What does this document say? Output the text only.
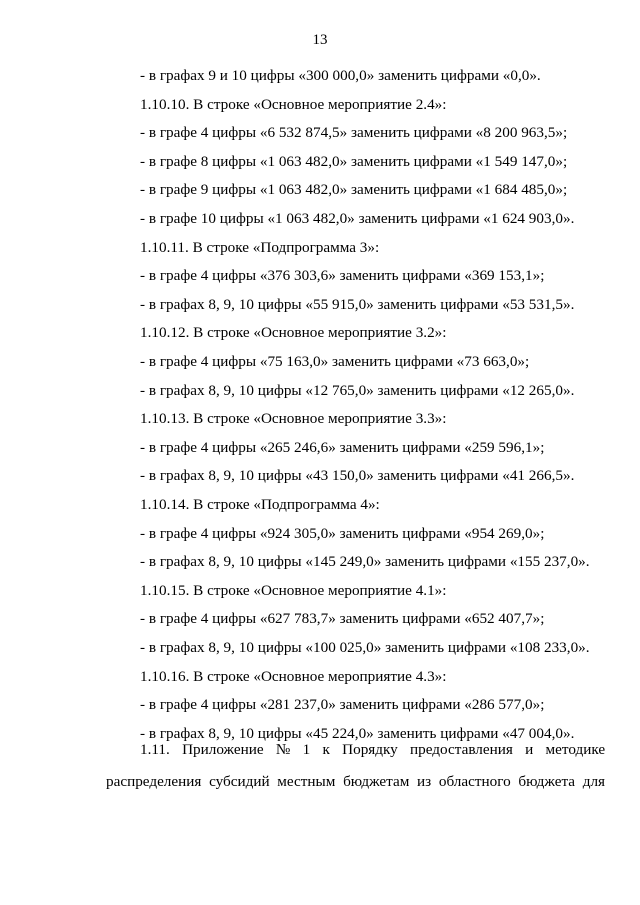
13
- в графах 9 и 10 цифры «300 000,0» заменить цифрами «0,0».
1.10.10. В строке «Основное мероприятие 2.4»:
- в графе 4 цифры «6 532 874,5» заменить цифрами «8 200 963,5»;
- в графе 8 цифры «1 063 482,0» заменить цифрами «1 549 147,0»;
- в графе 9 цифры «1 063 482,0» заменить цифрами «1 684 485,0»;
- в графе 10 цифры «1 063 482,0» заменить цифрами «1 624 903,0».
1.10.11. В строке «Подпрограмма 3»:
- в графе 4 цифры «376 303,6» заменить цифрами «369 153,1»;
- в графах 8, 9, 10 цифры «55 915,0» заменить цифрами «53 531,5».
1.10.12. В строке «Основное мероприятие 3.2»:
- в графе 4 цифры «75 163,0» заменить цифрами «73 663,0»;
- в графах 8, 9, 10 цифры «12 765,0» заменить цифрами «12 265,0».
1.10.13. В строке «Основное мероприятие 3.3»:
- в графе 4 цифры «265 246,6» заменить цифрами «259 596,1»;
- в графах 8, 9, 10 цифры «43 150,0» заменить цифрами «41 266,5».
1.10.14. В строке «Подпрограмма 4»:
- в графе 4 цифры «924 305,0» заменить цифрами «954 269,0»;
- в графах 8, 9, 10 цифры «145 249,0» заменить цифрами «155 237,0».
1.10.15. В строке «Основное мероприятие 4.1»:
- в графе 4 цифры «627 783,7» заменить цифрами «652 407,7»;
- в графах 8, 9, 10 цифры «100 025,0» заменить цифрами «108 233,0».
1.10.16. В строке «Основное мероприятие 4.3»:
- в графе 4 цифры «281 237,0» заменить цифрами «286 577,0»;
- в графах 8, 9, 10 цифры «45 224,0» заменить цифрами «47 004,0».
1.11. Приложение № 1 к Порядку предоставления и методике
распределения субсидий местным бюджетам из областного бюджета для
